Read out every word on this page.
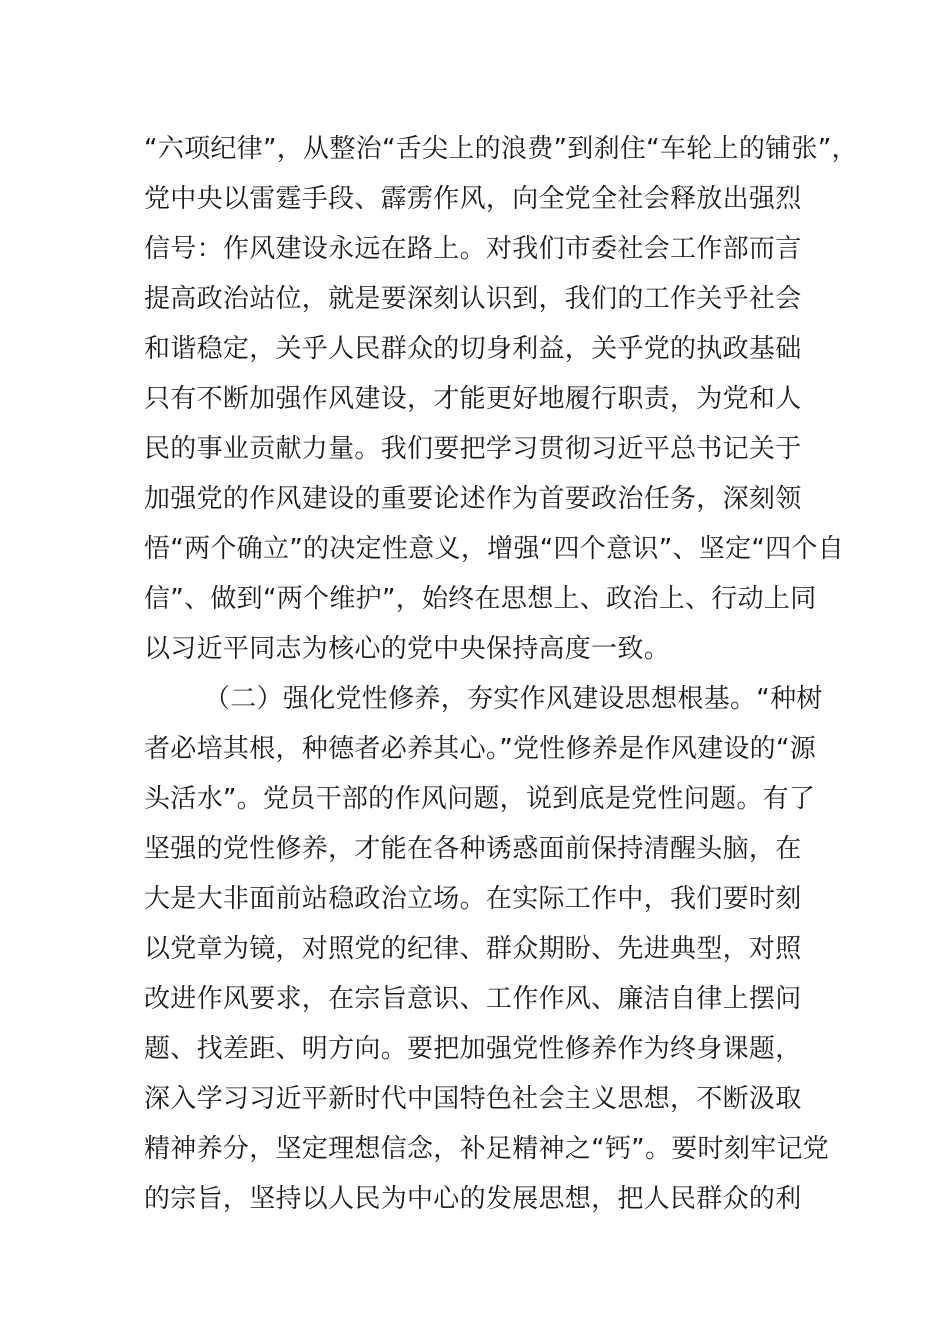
“六项纪律”，从整治“舌尖上的浪费”到刹住“车轮上的铺张”，
党中央以雷霆手段、霹雳作风，向全党全社会释放出强烈
信号：作风建设永远在路上。对我们市委社会工作部而言
提高政治站位，就是要深刻认识到，我们的工作关乎社会
和谐稳定，关乎人民群众的切身利益，关乎党的执政基础
只有不断加强作风建设，才能更好地履行职责，为党和人
民的事业贡献力量。我们要把学习贯彻习近平总书记关于
加强党的作风建设的重要论述作为首要政治任务，深刻领
悟“两个确立”的决定性意义，增强“四个意识”、坚定“四个自
信”、做到“两个维护”，始终在思想上、政治上、行动上同
以习近平同志为核心的党中央保持高度一致。
（二）强化党性修养，夯实作风建设思想根基。“种树
者必培其根，种德者必养其心。”党性修养是作风建设的“源
头活水”。党员干部的作风问题，说到底是党性问题。有了
坚强的党性修养，才能在各种诱惑面前保持清醒头脑，在
大是大非面前站稳政治立场。在实际工作中，我们要时刻
以党章为镜，对照党的纪律、群众期盼、先进典型，对照
改进作风要求，在宗旨意识、工作作风、廉洁自律上摆问
题、找差距、明方向。要把加强党性修养作为终身课题，
深入学习习近平新时代中国特色社会主义思想，不断汲取
精神养分，坚定理想信念，补足精神之“钙”。要时刻牢记党
的宗旨，坚持以人民为中心的发展思想，把人民群众的利
